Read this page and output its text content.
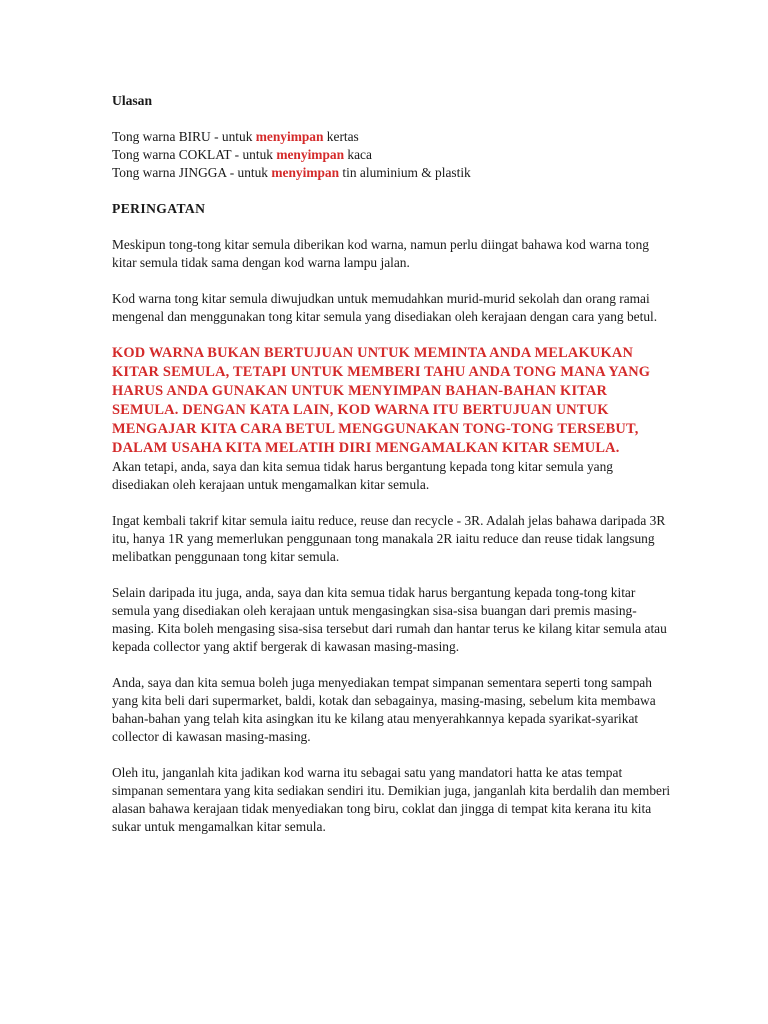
Ulasan
Tong warna BIRU - untuk menyimpan kertas
Tong warna COKLAT - untuk menyimpan kaca
Tong warna JINGGA - untuk menyimpan tin aluminium & plastik
PERINGATAN

Meskipun tong-tong kitar semula diberikan kod warna, namun perlu diingat bahawa kod warna tong kitar semula tidak sama dengan kod warna lampu jalan.

Kod warna tong kitar semula diwujudkan untuk memudahkan murid-murid sekolah dan orang ramai mengenal dan menggunakan tong kitar semula yang disediakan oleh kerajaan dengan cara yang betul.

KOD WARNA BUKAN BERTUJUAN UNTUK MEMINTA ANDA MELAKUKAN KITAR SEMULA, TETAPI UNTUK MEMBERI TAHU ANDA TONG MANA YANG HARUS ANDA GUNAKAN UNTUK MENYIMPAN BAHAN-BAHAN KITAR SEMULA. DENGAN KATA LAIN, KOD WARNA ITU BERTUJUAN UNTUK MENGAJAR KITA CARA BETUL MENGGUNAKAN TONG-TONG TERSEBUT, DALAM USAHA KITA MELATIH DIRI MENGAMALKAN KITAR SEMULA.

Akan tetapi, anda, saya dan kita semua tidak harus bergantung kepada tong kitar semula yang disediakan oleh kerajaan untuk mengamalkan kitar semula.

Ingat kembali takrif kitar semula iaitu reduce, reuse dan recycle - 3R. Adalah jelas bahawa daripada 3R itu, hanya 1R yang memerlukan penggunaan tong manakala 2R iaitu reduce dan reuse tidak langsung melibatkan penggunaan tong kitar semula.

Selain daripada itu juga, anda, saya dan kita semua tidak harus bergantung kepada tong-tong kitar semula yang disediakan oleh kerajaan untuk mengasingkan sisa-sisa buangan dari premis masing-masing. Kita boleh mengasing sisa-sisa tersebut dari rumah dan hantar terus ke kilang kitar semula atau kepada collector yang aktif bergerak di kawasan masing-masing.

Anda, saya dan kita semua boleh juga menyediakan tempat simpanan sementara seperti tong sampah yang kita beli dari supermarket, baldi, kotak dan sebagainya, masing-masing, sebelum kita membawa bahan-bahan yang telah kita asingkan itu ke kilang atau menyerahkannya kepada syarikat-syarikat collector di kawasan masing-masing.

Oleh itu, janganlah kita jadikan kod warna itu sebagai satu yang mandatori hatta ke atas tempat simpanan sementara yang kita sediakan sendiri itu. Demikian juga, janganlah kita berdalih dan memberi alasan bahawa kerajaan tidak menyediakan tong biru, coklat dan jingga di tempat kita kerana itu kita sukar untuk mengamalkan kitar semula.
